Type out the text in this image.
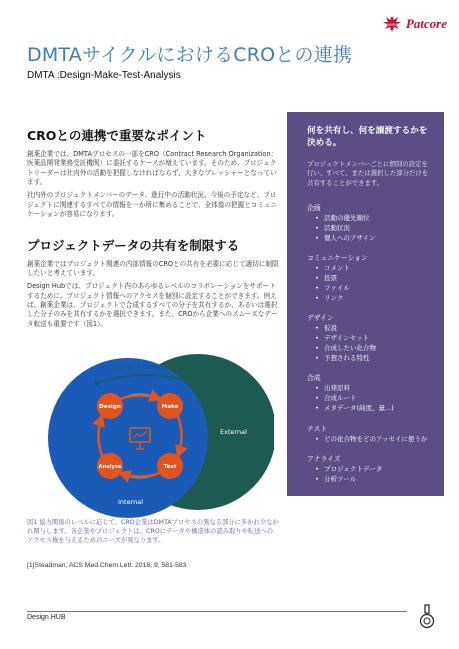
SAMPLE Patcore
DMTAサイクルにおけるCROとの連携
DMTA :Design-Make-Test-Analysis
CROとの連携で重要なポイント

創薬企業では、DMTAプロセスの一部をCRO（Contract Research Organization：医薬品開発業務受託機関）に委託するケースが増えています。そのため、プロジェクトリーダーは社内外の活動を把握しなければならず、大きなプレッシャーとなっています。

社内外のプロジェクトメンバーのデータ、進行中の活動状況、今後の予定など、プロジェクトに関連するすべての情報を一か所に集めることで、全体像の把握とコミュニケーションが容易になります。

プロジェクトデータの共有を制限する

創薬企業ではプロジェクト関連の内部情報のCROとの共有を必要に応じて適切に制限したいと考えています。

Design Hubでは、プロジェクト内のあらゆるレベルのコラボレーションをサポートするために、プロジェクト情報へのアクセスを個別に設定することができます。例えば、創薬企業は、プロジェクトで合成するすべての分子を共有するか、あるいは選択した分子のみを共有するかを選択できます。また、CROから企業へのスムーズなデータ転送も重要です（図1）。

External
Internal
transfer of selected data
Design	Make
Test
Analyze
図1 協力関係のレベルに応じて、CRO企業はDMTAプロセスの異なる部分に多かれ少なかれ関与します。各企業やプロジェクトは、CROにデータや構造体の読み取りや転送へのアクセス権を与えるためのニーズが異なります。
[1]Steadman, ACS Med.Chem.Lett. 2018, 9, 581-583
何を共有し、何を譲渡するかを決める。
プロジェクトメンバーごとに個別の設定を行い、すべて、または選択した部分だけを共有することができます。
企画
• 活動の優先順位
• 活動状況
• 個人へのアサイン
コミュニケーション
• コメント
• 投票
• ファイル
• リンク
デザイン
• 仮説
• デザインセット
• 合成したい化合物
• 予想される特性
合成
• 出発原料
• 合成ルート
• メタデータ(純度、量...)
テスト
• どの化合物をどのアッセイに使うか
アナライズ
• プロジェクトデータ
• 分析ツール
Design HUB
